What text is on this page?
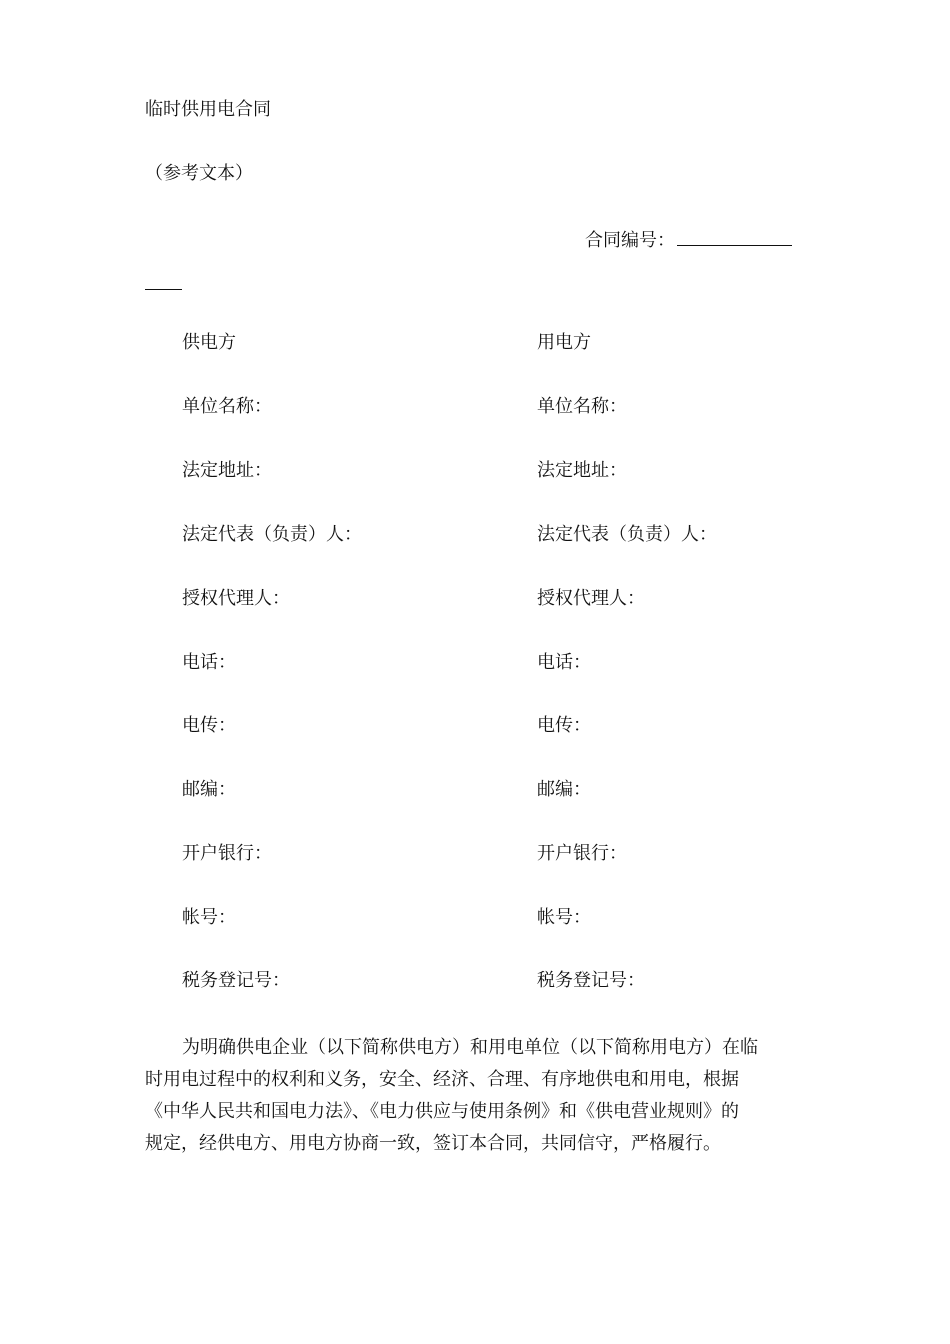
临时供用电合同
（参考文本）
合同编号：
供电方	用电方
单位名称：	单位名称：
法定地址：	法定地址：
法定代表（负责）人：	法定代表（负责）人：
授权代理人：	授权代理人：
电话：	电话：
电传：	电传：
邮编：	邮编：
开户银行：	开户银行：
帐号：	帐号：
税务登记号：	税务登记号：
为明确供电企业（以下简称供电方）和用电单位（以下简称用电方）在临
时用电过程中的权利和义务，安全、经济、合理、有序地供电和用电，根据
《中华人民共和国电力法》、《电力供应与使用条例》和《供电营业规则》的
规定，经供电方、用电方协商一致，签订本合同，共同信守，严格履行。
